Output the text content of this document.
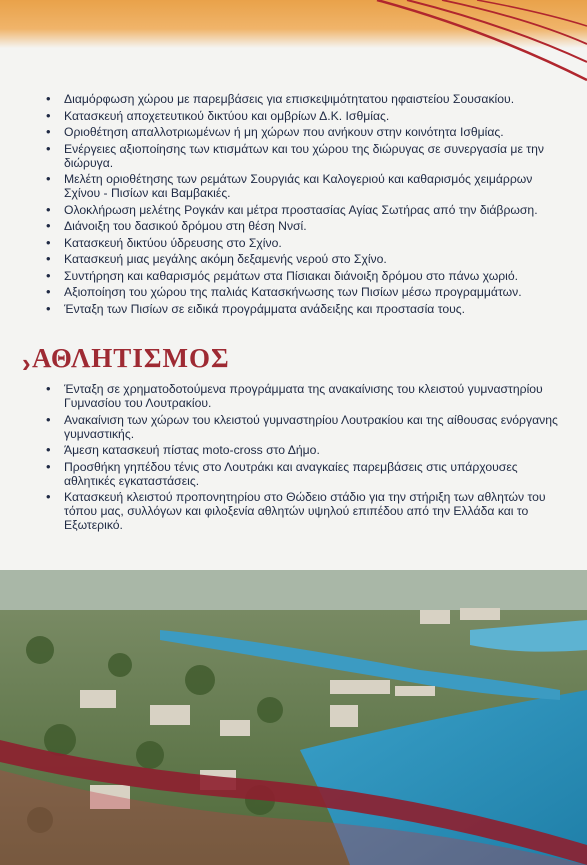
• Διαμόρφωση χώρου με παρεμβάσεις για επισκεψιμότητατου ηφαιστείου Σουσακίου.
• Κατασκευή αποχετευτικού δικτύου και ομβρίων Δ.Κ. Ισθμίας.
• Οριοθέτηση απαλλοτριωμένων ή μη χώρων που ανήκουν στην κοινότητα Ισθμίας.
• Ενέργειες αξιοποίησης των κτισμάτων και του χώρου της διώρυγας σε συνεργασία με την διώρυγα.
• Μελέτη οριοθέτησης των ρεμάτων Σουργιάς και Καλογεριού και καθαρισμός χειμάρρων Σχίνου - Πισίων και Βαμβακιές.
• Ολοκλήρωση μελέτης Ρογκάν και μέτρα προστασίας Αγίας Σωτήρας από την διάβρωση.
• Διάνοιξη του δασικού δρόμου στη θέση Ννσί.
• Κατασκευή δικτύου ύδρευσης στο Σχίνο.
• Κατασκευή μιας μεγάλης ακόμη δεξαμενής νερού στο Σχίνο.
• Συντήρηση και καθαρισμός ρεμάτων στα Πίσιακαι διάνοιξη δρόμου στο πάνω χωριό.
• Αξιοποίηση του χώρου της παλιάς Κατασκήνωσης των Πισίων μέσω προγραμμάτων.
• Ένταξη των Πισίων σε ειδικά προγράμματα ανάδειξης και προστασία τους.
› ΑΘΛΗΤΙΣΜΟΣ
• Ένταξη σε χρηματοδοτούμενα προγράμματα της ανακαίνισης του κλειστού γυμναστηρίου Γυμνασίου του Λουτρακίου.
• Ανακαίνιση των χώρων του κλειστού γυμναστηρίου Λουτρακίου και της αίθουσας ενόργανης γυμναστικής.
• Άμεση κατασκευή πίστας moto-cross στο Δήμο.
• Προσθήκη γηπέδου τένις στο Λουτράκι και αναγκαίες παρεμβάσεις στις υπάρχουσες αθλητικές εγκαταστάσεις.
• Κατασκευή κλειστού προπονητηρίου στο Θώδειο στάδιο για την στήριξη των αθλητών του τόπου μας, συλλόγων και φιλοξενία αθλητών υψηλού επιπέδου από την Ελλάδα και το Εξωτερικό.
